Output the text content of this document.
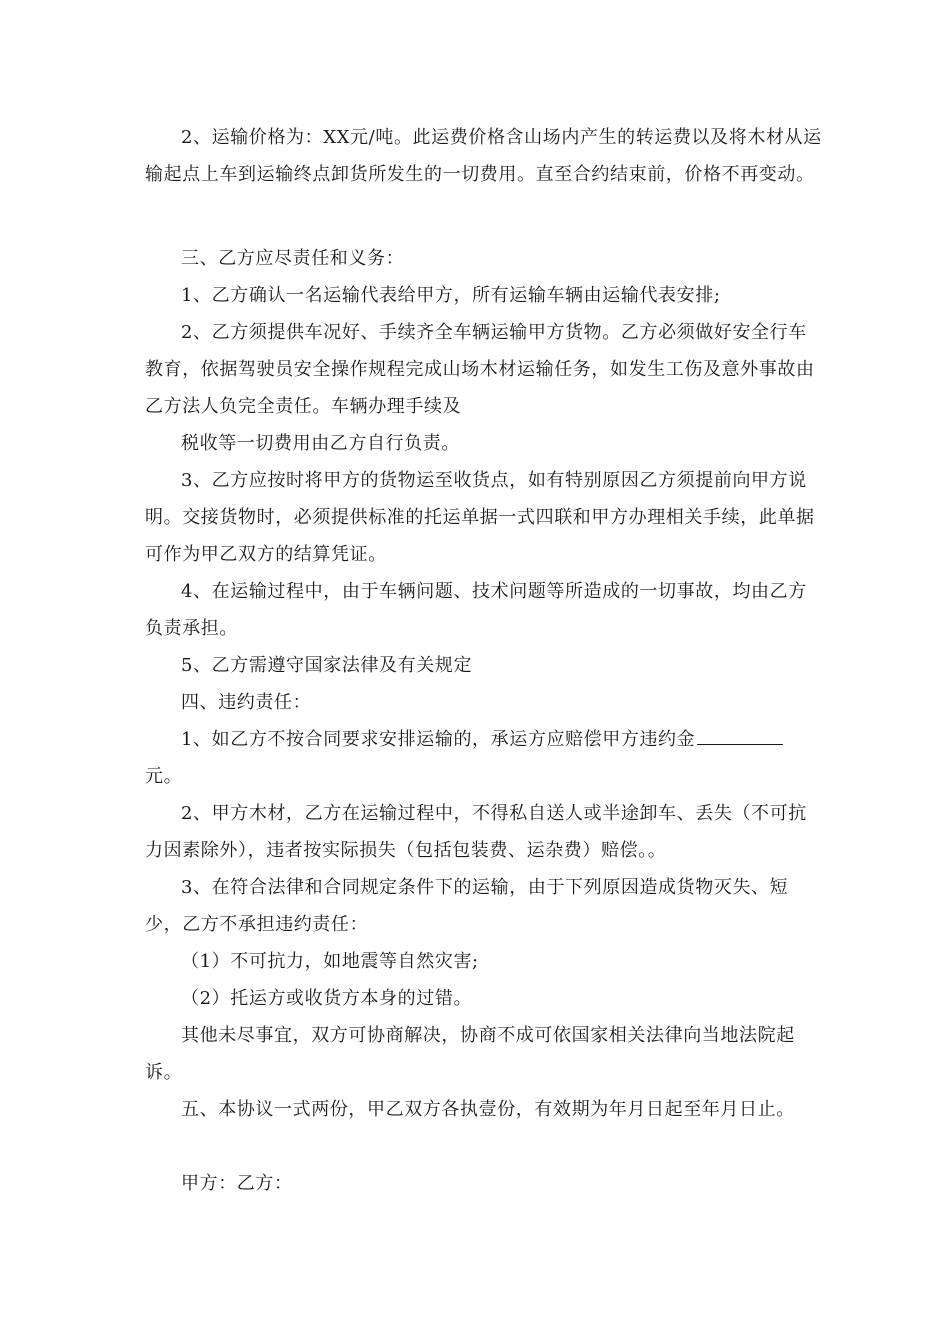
2、运输价格为：XX元/吨。此运费价格含山场内产生的转运费以及将木材从运输起点上车到运输终点卸货所发生的一切费用。直至合约结束前，价格不再变动。
三、乙方应尽责任和义务：
1、乙方确认一名运输代表给甲方，所有运输车辆由运输代表安排;
2、乙方须提供车况好、手续齐全车辆运输甲方货物。乙方必须做好安全行车教育，依据驾驶员安全操作规程完成山场木材运输任务，如发生工伤及意外事故由乙方法人负完全责任。车辆办理手续及
税收等一切费用由乙方自行负责。
3、乙方应按时将甲方的货物运至收货点，如有特别原因乙方须提前向甲方说明。交接货物时，必须提供标准的托运单据一式四联和甲方办理相关手续，此单据可作为甲乙双方的结算凭证。
4、在运输过程中，由于车辆问题、技术问题等所造成的一切事故，均由乙方负责承担。
5、乙方需遵守国家法律及有关规定
四、违约责任：
1、如乙方不按合同要求安排运输的，承运方应赔偿甲方违约金
元。
2、甲方木材，乙方在运输过程中，不得私自送人或半途卸车、丢失（不可抗力因素除外），违者按实际损失（包括包装费、运杂费）赔偿。。
3、在符合法律和合同规定条件下的运输，由于下列原因造成货物灭失、短少，乙方不承担违约责任：
（1）不可抗力，如地震等自然灾害;
（2）托运方或收货方本身的过错。
其他未尽事宜，双方可协商解决，协商不成可依国家相关法律向当地法院起诉。
五、本协议一式两份，甲乙双方各执壹份，有效期为年月日起至年月日止。
甲方：乙方：
